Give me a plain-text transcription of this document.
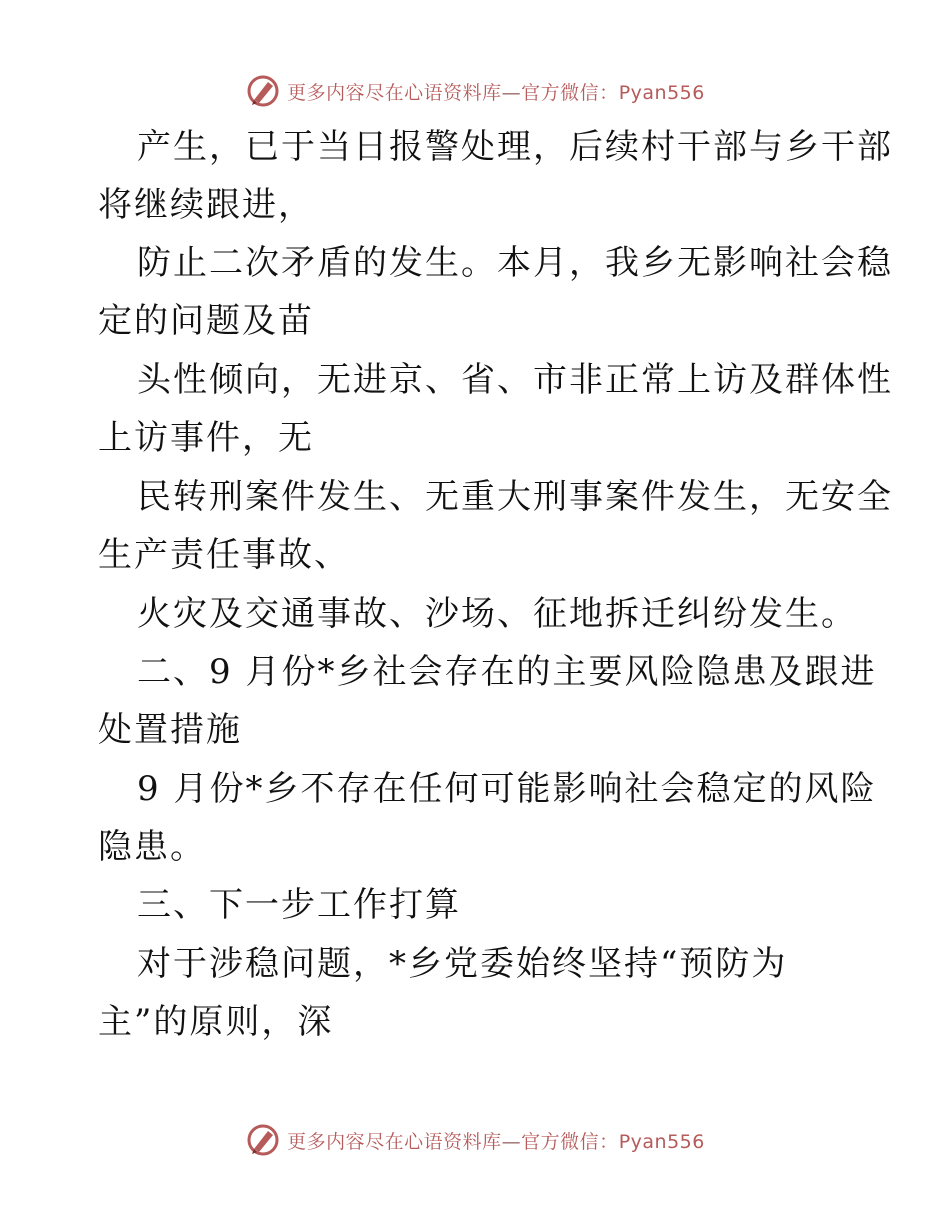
更多内容尽在心语资料库—官方微信：Pyan556
产生，已于当日报警处理，后续村干部与乡干部
将继续跟进，
防止二次矛盾的发生。本月，我乡无影响社会稳
定的问题及苗
头性倾向，无进京、省、市非正常上访及群体性
上访事件，无
民转刑案件发生、无重大刑事案件发生，无安全
生产责任事故、
火灾及交通事故、沙场、征地拆迁纠纷发生。
二、9 月份*乡社会存在的主要风险隐患及跟进
处置措施
9 月份*乡不存在任何可能影响社会稳定的风险
隐患。
三、下一步工作打算
对于涉稳问题，*乡党委始终坚持“预防为
主”的原则，深
更多内容尽在心语资料库—官方微信：Pyan556
